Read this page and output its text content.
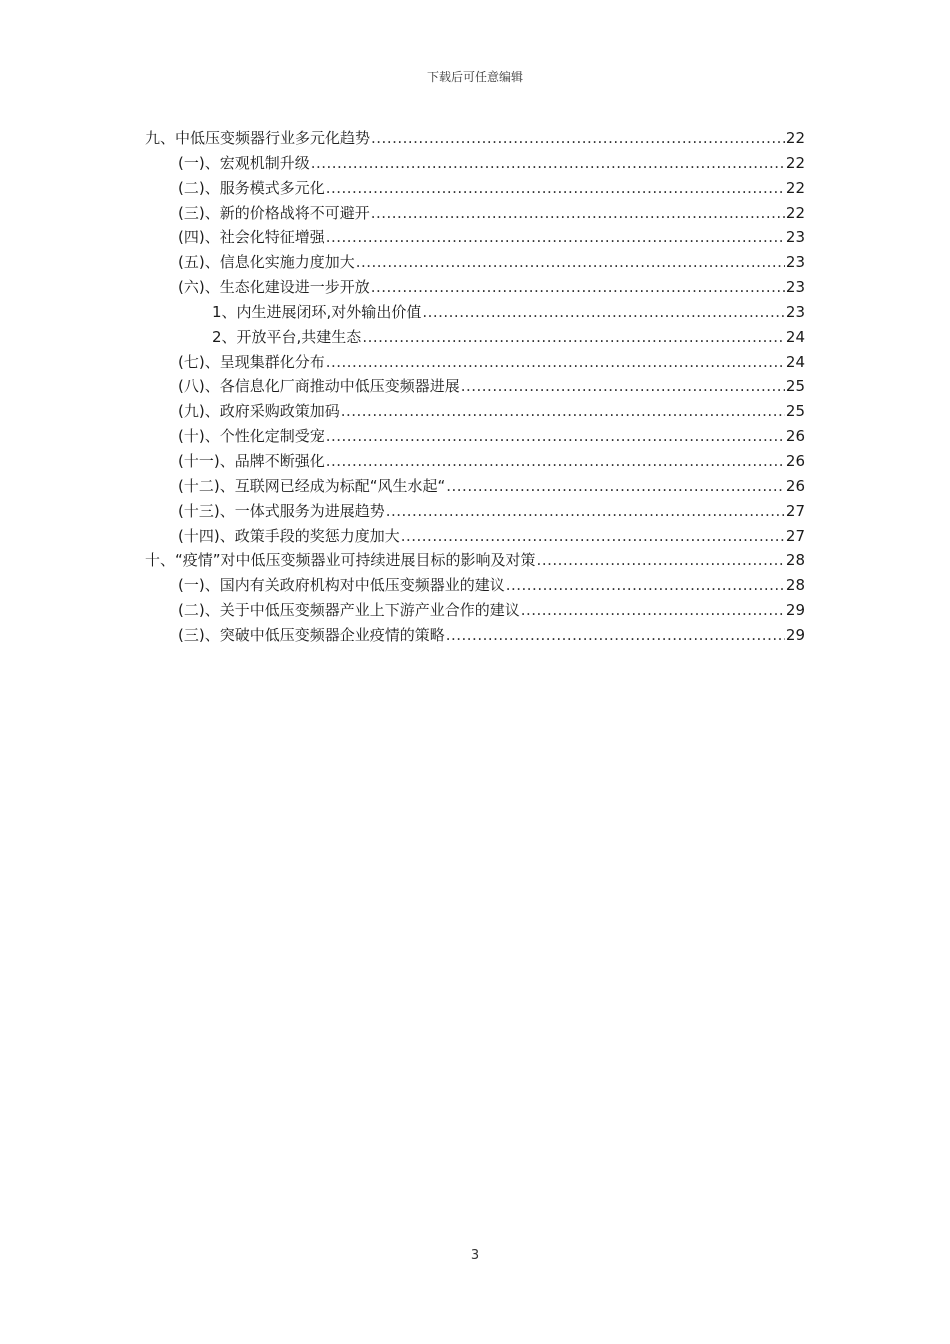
下载后可任意编辑
九、中低压变频器行业多元化趋势 .....	22
(一)、宏观机制升级 .....	22
(二)、服务模式多元化 .....	22
(三)、新的价格战将不可避开 .....	22
(四)、社会化特征增强 .....	23
(五)、信息化实施力度加大 .....	23
(六)、生态化建设进一步开放 .....	23
1、内生进展闭环,对外输出价值 .....	23
2、开放平台,共建生态 .....	24
(七)、呈现集群化分布 .....	24
(八)、各信息化厂商推动中低压变频器进展 .....	25
(九)、政府采购政策加码 .....	25
(十)、个性化定制受宠 .....	26
(十一)、品牌不断强化 .....	26
(十二)、互联网已经成为标配“风生水起“ .....	26
(十三)、一体式服务为进展趋势 .....	27
(十四)、政策手段的奖惩力度加大 .....	27
十、“疫情”对中低压变频器业可持续进展目标的影响及对策 .....	28
(一)、国内有关政府机构对中低压变频器业的建议 .....	28
(二)、关于中低压变频器产业上下游产业合作的建议 .....	29
(三)、突破中低压变频器企业疫情的策略 .....	29
3
